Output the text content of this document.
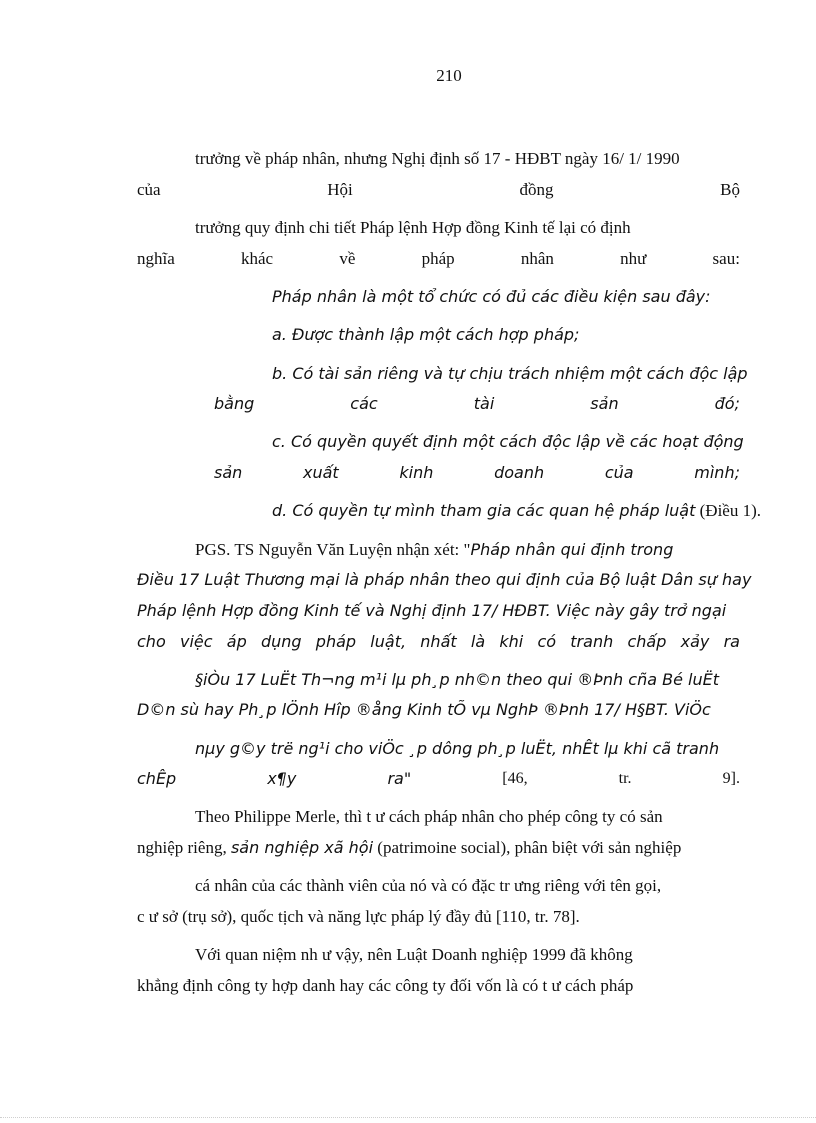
210
trưởng về pháp nhân, nhưng Nghị định số 17 - HĐBT ngày 16/ 1/ 1990
của	Hội	đồng	Bộ
trưởng quy định chi tiết Pháp lệnh Hợp đồng Kinh tế lại có định
nghĩa	khác	về	pháp	nhân	như	sau:
Pháp nhân là một tổ chức có đủ các điều kiện sau đây:
a. Được thành lập một cách hợp pháp;
b. Có tài sản riêng và tự chịu trách nhiệm một cách độc lập
bằng	các	tài	sản	đó;
c. Có quyền quyết định một cách độc lập về các hoạt động
sản	xuất	kinh	doanh	của	mình;
d. Có quyền tự mình tham gia các quan hệ pháp luật (Điều 1).
PGS. TS Nguyễn Văn Luyện nhận xét: "Pháp nhân qui định trong
Điều 17 Luật Thương mại là pháp nhân theo qui định của Bộ luật Dân sự hay
Pháp lệnh Hợp đồng Kinh tế và Nghị định 17/ HĐBT. Việc này gây trở ngại
cho việc áp dụng pháp luật, nhất là khi có tranh chấp xảy ra
§iÒu 17 LuËt Th¬ng m¹i lµ ph¸p nh©n theo qui ®Þnh cña Bé luËt
D©n sù hay Ph¸p lÖnh Hîp ®ång Kinh tÕ vµ NghÞ ®Þnh 17/ H§BT. ViÖc
nµy g©y trë ng¹i cho viÖc ¸p dông ph¸p luËt, nhÊt lµ khi cã tranh
chÊp	x¶y	ra"	[46,	tr.	9].
Theo Philippe Merle, thì t ư cách pháp nhân cho phép công ty có sản
nghiệp riêng, sản nghiệp xã hội (patrimoine social), phân biệt với sản nghiệp
cá nhân của các thành viên của nó và có đặc tr ưng riêng với tên gọi,
c ư sở (trụ sở), quốc tịch và năng lực pháp lý đầy đủ [110, tr. 78].
Với quan niệm nh ư vậy, nên Luật Doanh nghiệp 1999 đã không
khẳng định công ty hợp danh hay các công ty đối vốn là có t ư cách pháp
